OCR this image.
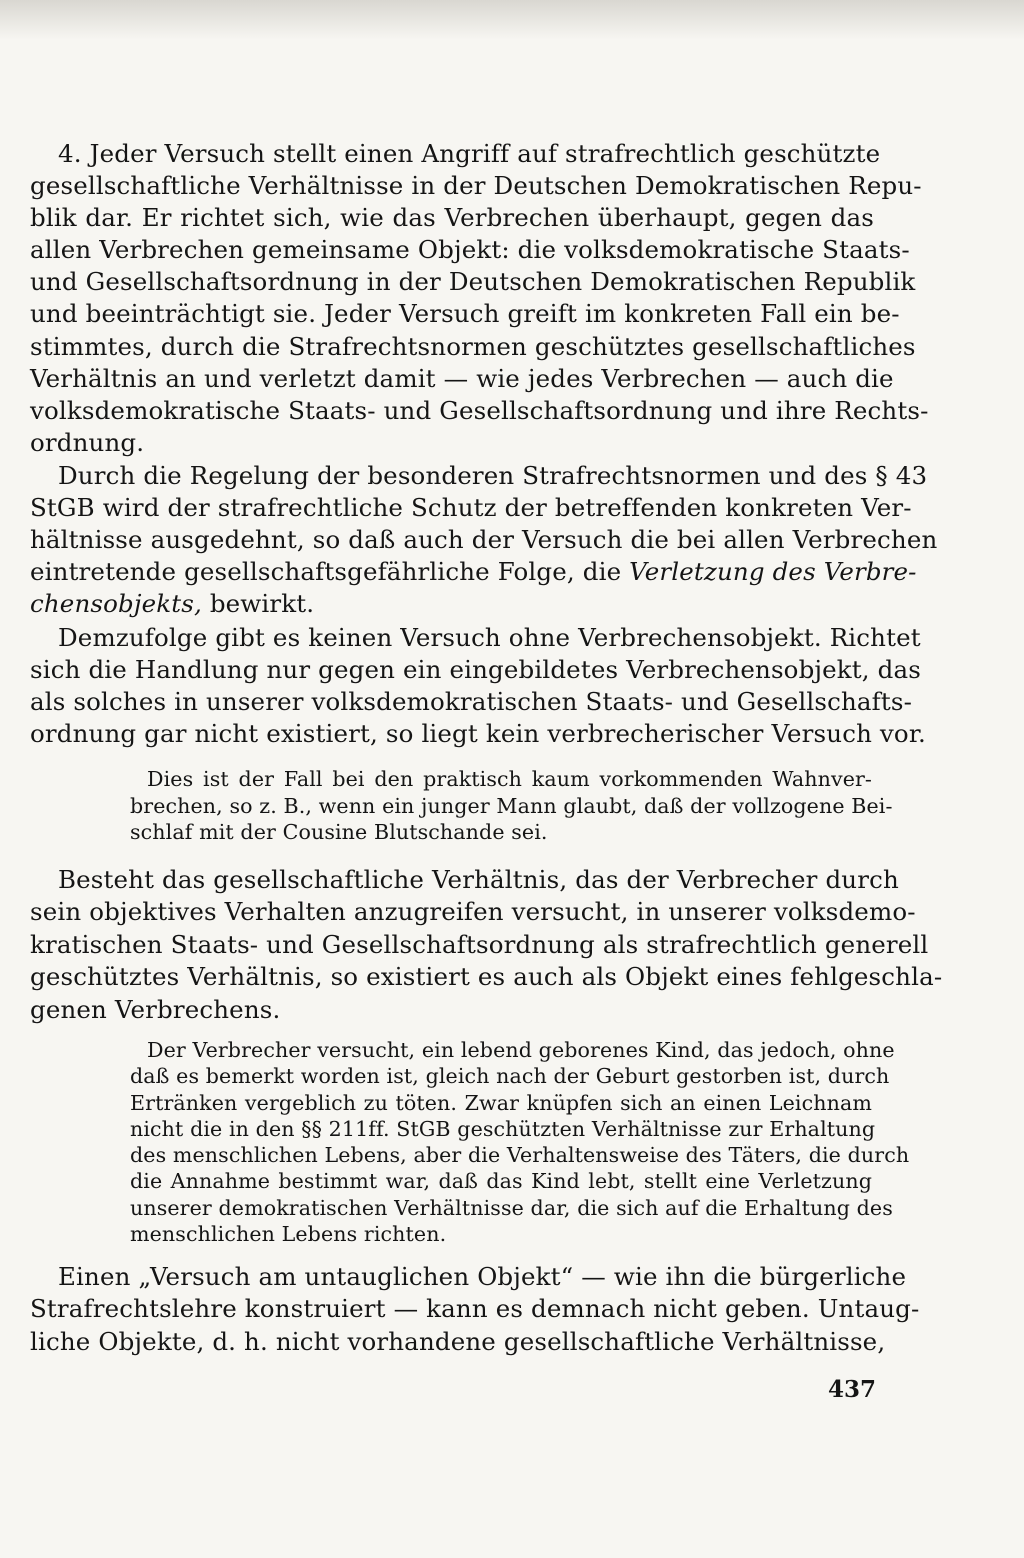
4. Jeder Versuch stellt einen Angriff auf strafrechtlich geschützte
gesellschaftliche Verhältnisse in der Deutschen Demokratischen Repu-
blik dar. Er richtet sich, wie das Verbrechen überhaupt, gegen das
allen Verbrechen gemeinsame Objekt: die volksdemokratische Staats-
und Gesellschaftsordnung in der Deutschen Demokratischen Republik
und beeinträchtigt sie. Jeder Versuch greift im konkreten Fall ein be-
stimmtes, durch die Strafrechtsnormen geschütztes gesellschaftliches
Verhältnis an und verletzt damit — wie jedes Verbrechen — auch die
volksdemokratische Staats- und Gesellschaftsordnung und ihre Rechts-
ordnung.
Durch die Regelung der besonderen Strafrechtsnormen und des § 43
StGB wird der strafrechtliche Schutz der betreffenden konkreten Ver-
hältnisse ausgedehnt, so daß auch der Versuch die bei allen Verbrechen
eintretende gesellschaftsgefährliche Folge, die Verletzung des Verbre-
chensobjekts, bewirkt.
Demzufolge gibt es keinen Versuch ohne Verbrechensobjekt. Richtet
sich die Handlung nur gegen ein eingebildetes Verbrechensobjekt, das
als solches in unserer volksdemokratischen Staats- und Gesellschafts-
ordnung gar nicht existiert, so liegt kein verbrecherischer Versuch vor.
Dies ist der Fall bei den praktisch kaum vorkommenden Wahnver-
brechen, so z. B., wenn ein junger Mann glaubt, daß der vollzogene Bei-
schlaf mit der Cousine Blutschande sei.
Besteht das gesellschaftliche Verhältnis, das der Verbrecher durch
sein objektives Verhalten anzugreifen versucht, in unserer volksdemo-
kratischen Staats- und Gesellschaftsordnung als strafrechtlich generell
geschütztes Verhältnis, so existiert es auch als Objekt eines fehlgeschla-
genen Verbrechens.
Der Verbrecher versucht, ein lebend geborenes Kind, das jedoch, ohne
daß es bemerkt worden ist, gleich nach der Geburt gestorben ist, durch
Ertränken vergeblich zu töten. Zwar knüpfen sich an einen Leichnam
nicht die in den §§ 211ff. StGB geschützten Verhältnisse zur Erhaltung
des menschlichen Lebens, aber die Verhaltensweise des Täters, die durch
die Annahme bestimmt war, daß das Kind lebt, stellt eine Verletzung
unserer demokratischen Verhältnisse dar, die sich auf die Erhaltung des
menschlichen Lebens richten.
Einen „Versuch am untauglichen Objekt“ — wie ihn die bürgerliche
Strafrechtslehre konstruiert — kann es demnach nicht geben. Untaug-
liche Objekte, d. h. nicht vorhandene gesellschaftliche Verhältnisse,
437
